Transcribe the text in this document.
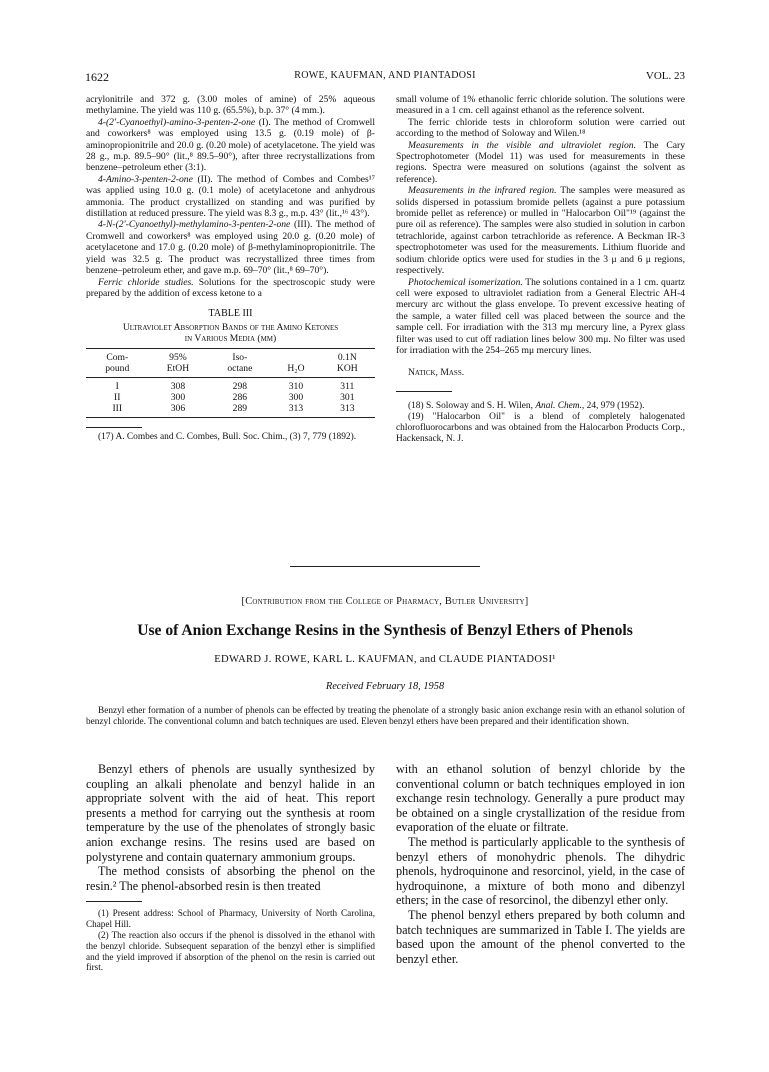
1622	ROWE, KAUFMAN, AND PIANTADOSI	VOL. 23

acrylonitrile and 372 g. (3.00 moles of amine) of 25% aqueous methylamine. The yield was 110 g. (65.5%), b.p. 37° (4 mm.).

4-(2′-Cyanoethyl)-amino-3-penten-2-one (I). The method of Cromwell and coworkers⁸ was employed using 13.5 g. (0.19 mole) of β-aminopropionitrile and 20.0 g. (0.20 mole) of acetylacetone. The yield was 28 g., m.p. 89.5–90° (lit.,⁸ 89.5–90°), after three recrystallizations from benzene–petroleum ether (3:1).

4-Amino-3-penten-2-one (II). The method of Combes and Combes¹⁷ was applied using 10.0 g. (0.1 mole) of acetylacetone and anhydrous ammonia. The product crystallized on standing and was purified by distillation at reduced pressure. The yield was 8.3 g., m.p. 43° (lit.,¹⁶ 43°).

4-N-(2′-Cyanoethyl)-methylamino-3-penten-2-one (III). The method of Cromwell and coworkers⁸ was employed using 20.0 g. (0.20 mole) of acetylacetone and 17.0 g. (0.20 mole) of β-methylaminopropionitrile. The yield was 32.5 g. The product was recrystallized three times from benzene–petroleum ether, and gave m.p. 69–70° (lit.,⁸ 69–70°).

Ferric chloride studies. Solutions for the spectroscopic study were prepared by the addition of excess ketone to a

TABLE III
Ultraviolet Absorption Bands of the Amino Ketones
in Various Media (mμ)
Com-	95%	Iso-		0.1N
pound	EtOH	octane	H₂O	KOH
I	308	298	310	311
II	300	286	300	301
III	306	289	313	313

(17) A. Combes and C. Combes, Bull. Soc. Chim., (3) 7, 779 (1892).

small volume of 1% ethanolic ferric chloride solution. The solutions were measured in a 1 cm. cell against ethanol as the reference solvent.

The ferric chloride tests in chloroform solution were carried out according to the method of Soloway and Wilen.¹⁸

Measurements in the visible and ultraviolet region. The Cary Spectrophotometer (Model 11) was used for measurements in these regions. Spectra were measured on solutions (against the solvent as reference).

Measurements in the infrared region. The samples were measured as solids dispersed in potassium bromide pellets (against a pure potassium bromide pellet as reference) or mulled in "Halocarbon Oil"¹⁹ (against the pure oil as reference). The samples were also studied in solution in carbon tetrachloride, against carbon tetrachloride as reference. A Beckman IR-3 spectrophotometer was used for the measurements. Lithium fluoride and sodium chloride optics were used for studies in the 3 μ and 6 μ regions, respectively.

Photochemical isomerization. The solutions contained in a 1 cm. quartz cell were exposed to ultraviolet radiation from a General Electric AH-4 mercury arc without the glass envelope. To prevent excessive heating of the sample, a water filled cell was placed between the source and the sample cell. For irradiation with the 313 mμ mercury line, a Pyrex glass filter was used to cut off radiation lines below 300 mμ. No filter was used for irradiation with the 254–265 mμ mercury lines.

Natick, Mass.

(18) S. Soloway and S. H. Wilen, Anal. Chem., 24, 979 (1952).

(19) "Halocarbon Oil" is a blend of completely halogenated chlorofluorocarbons and was obtained from the Halocarbon Products Corp., Hackensack, N. J.

[Contribution from the College of Pharmacy, Butler University]
Use of Anion Exchange Resins in the Synthesis of Benzyl Ethers of Phenols
EDWARD J. ROWE, KARL L. KAUFMAN, and CLAUDE PIANTADOSI¹
Received February 18, 1958
Benzyl ether formation of a number of phenols can be effected by treating the phenolate of a strongly basic anion exchange resin with an ethanol solution of benzyl chloride. The conventional column and batch techniques are used. Eleven benzyl ethers have been prepared and their identification shown.

Benzyl ethers of phenols are usually synthesized by coupling an alkali phenolate and benzyl halide in an appropriate solvent with the aid of heat. This report presents a method for carrying out the synthesis at room temperature by the use of the phenolates of strongly basic anion exchange resins. The resins used are based on polystyrene and contain quaternary ammonium groups.

The method consists of absorbing the phenol on the resin.² The phenol-absorbed resin is then treated

(1) Present address: School of Pharmacy, University of North Carolina, Chapel Hill.

(2) The reaction also occurs if the phenol is dissolved in the ethanol with the benzyl chloride. Subsequent separation of the benzyl ether is simplified and the yield improved if absorption of the phenol on the resin is carried out first.

with an ethanol solution of benzyl chloride by the conventional column or batch techniques employed in ion exchange resin technology. Generally a pure product may be obtained on a single crystallization of the residue from evaporation of the eluate or filtrate.

The method is particularly applicable to the synthesis of benzyl ethers of monohydric phenols. The dihydric phenols, hydroquinone and resorcinol, yield, in the case of hydroquinone, a mixture of both mono and dibenzyl ethers; in the case of resorcinol, the dibenzyl ether only.

The phenol benzyl ethers prepared by both column and batch techniques are summarized in Table I. The yields are based upon the amount of the phenol converted to the benzyl ether.
